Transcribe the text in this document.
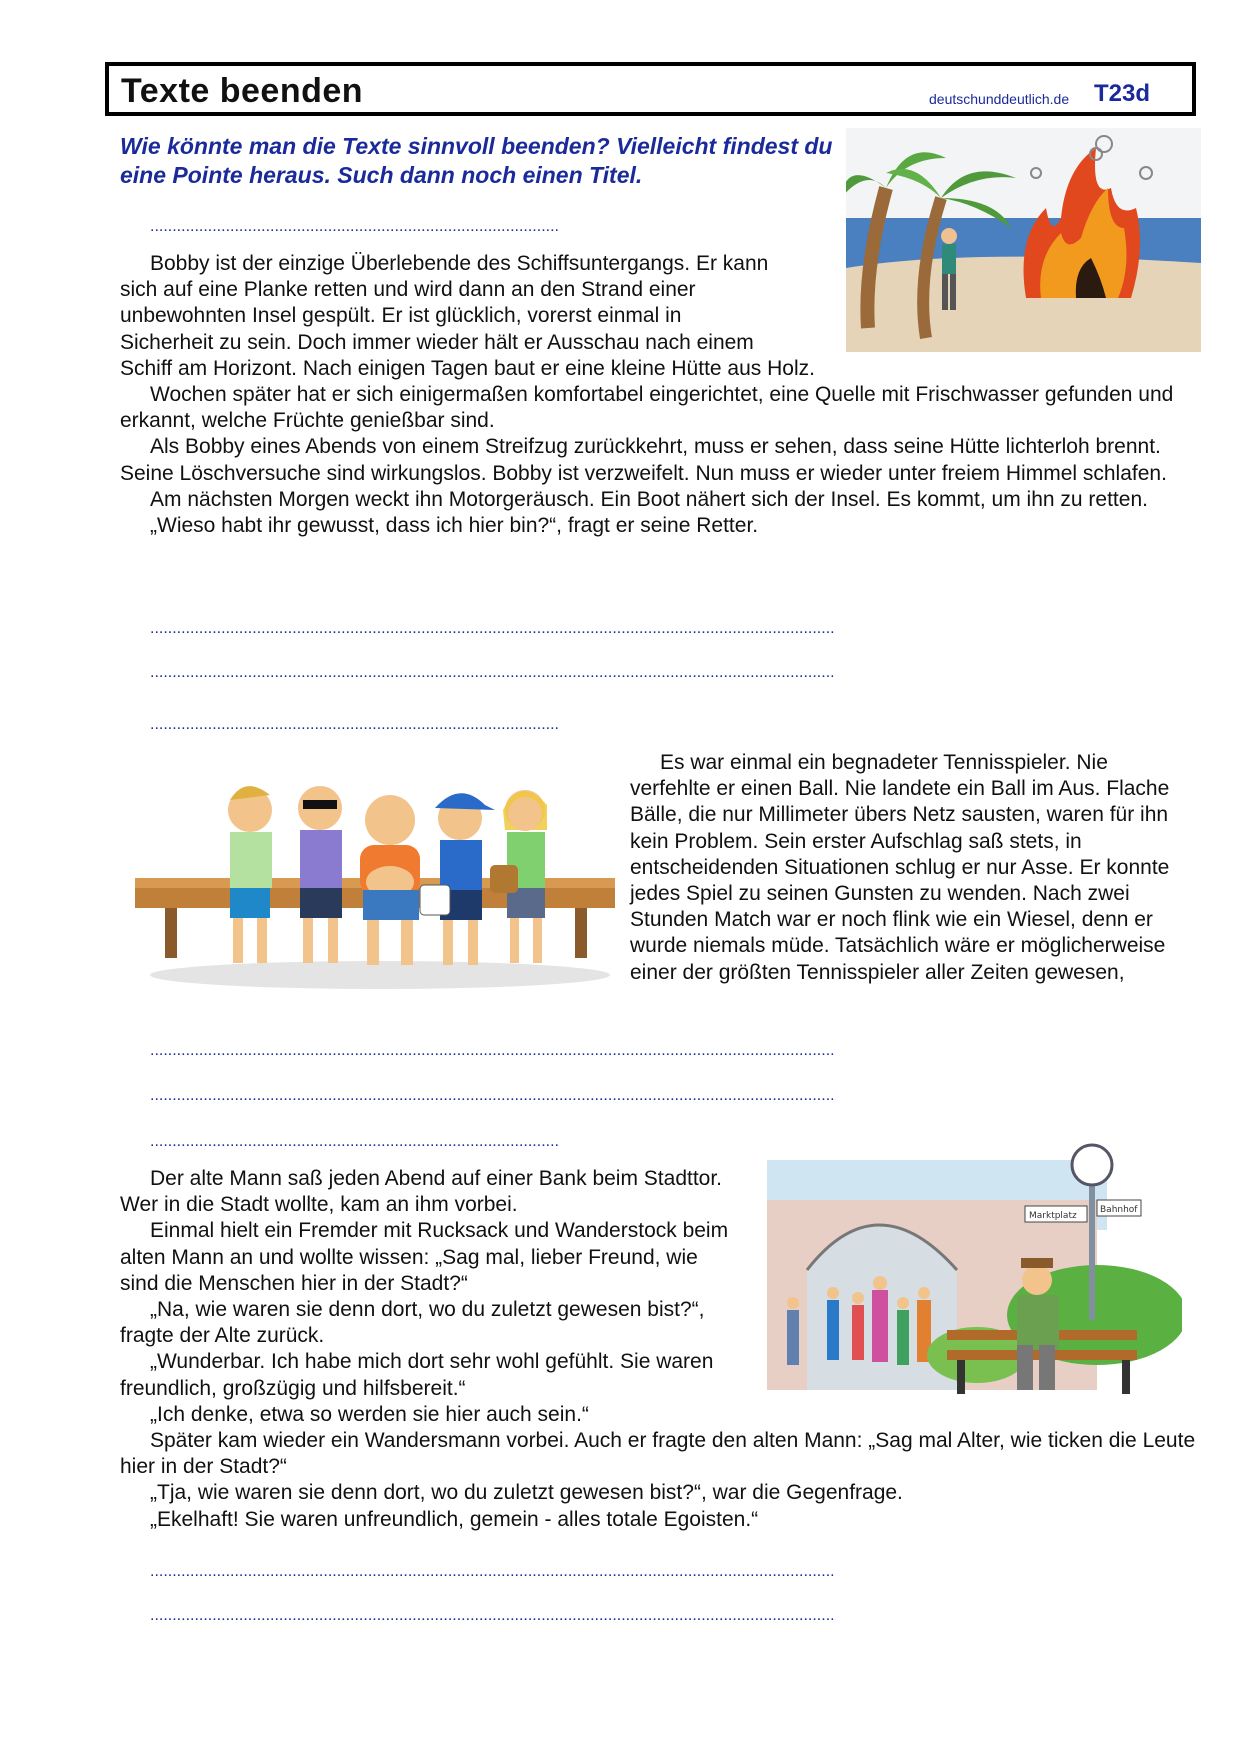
Texte beenden	deutschunddeutlich.de T23d
Wie könnte man die Texte sinnvoll beenden? Vielleicht findest du eine Pointe heraus. Such dann noch einen Titel.
............................................................................................
Bobby ist der einzige Überlebende des Schiffsuntergangs. Er kann
sich auf eine Planke retten und wird dann an den Strand einer
unbewohnten Insel gespült. Er ist glücklich, vorerst einmal in
Sicherheit zu sein. Doch immer wieder hält er Ausschau nach einem
Schiff am Horizont. Nach einigen Tagen baut er eine kleine Hütte aus Holz.

Wochen später hat er sich einigermaßen komfortabel eingerichtet, eine Quelle mit Frischwasser gefunden und erkannt, welche Früchte genießbar sind.

Als Bobby eines Abends von einem Streifzug zurückkehrt, muss er sehen, dass seine Hütte lichterloh brennt. Seine Löschversuche sind wirkungslos. Bobby ist verzweifelt. Nun muss er wieder unter freiem Himmel schlafen.

Am nächsten Morgen weckt ihn Motorgeräusch. Ein Boot nähert sich der Insel. Es kommt, um ihn zu retten.

„Wieso habt ihr gewusst, dass ich hier bin?“, fragt er seine Retter.

..........................................................................................................................................................
..........................................................................................................................................................
............................................................................................

Es war einmal ein begnadeter Tennisspieler. Nie verfehlte er einen Ball. Nie landete ein Ball im Aus. Flache Bälle, die nur Millimeter übers Netz sausten, waren für ihn kein Problem. Sein erster Aufschlag saß stets, in entscheidenden Situationen schlug er nur Asse. Er konnte jedes Spiel zu seinen Gunsten zu wenden. Nach zwei Stunden Match war er noch flink wie ein Wiesel, denn er wurde niemals müde. Tatsächlich wäre er möglicherweise einer der größten Tennisspieler aller Zeiten gewesen,

..........................................................................................................................................................
..........................................................................................................................................................
............................................................................................
Marktplatz
Bahnhof

Der alte Mann saß jeden Abend auf einer Bank beim Stadttor. Wer in die Stadt wollte, kam an ihm vorbei.

Einmal hielt ein Fremder mit Rucksack und Wanderstock beim alten Mann an und wollte wissen: „Sag mal, lieber Freund, wie sind die Menschen hier in der Stadt?“

„Na, wie waren sie denn dort, wo du zuletzt gewesen bist?“, fragte der Alte zurück.

„Wunderbar. Ich habe mich dort sehr wohl gefühlt. Sie waren freundlich, großzügig und hilfsbereit.“

„Ich denke, etwa so werden sie hier auch sein.“

Später kam wieder ein Wandersmann vorbei. Auch er fragte den alten Mann: „Sag mal Alter, wie ticken die Leute hier in der Stadt?“

„Tja, wie waren sie denn dort, wo du zuletzt gewesen bist?“, war die Gegenfrage.

„Ekelhaft! Sie waren unfreundlich, gemein - alles totale Egoisten.“

..........................................................................................................................................................
..........................................................................................................................................................
